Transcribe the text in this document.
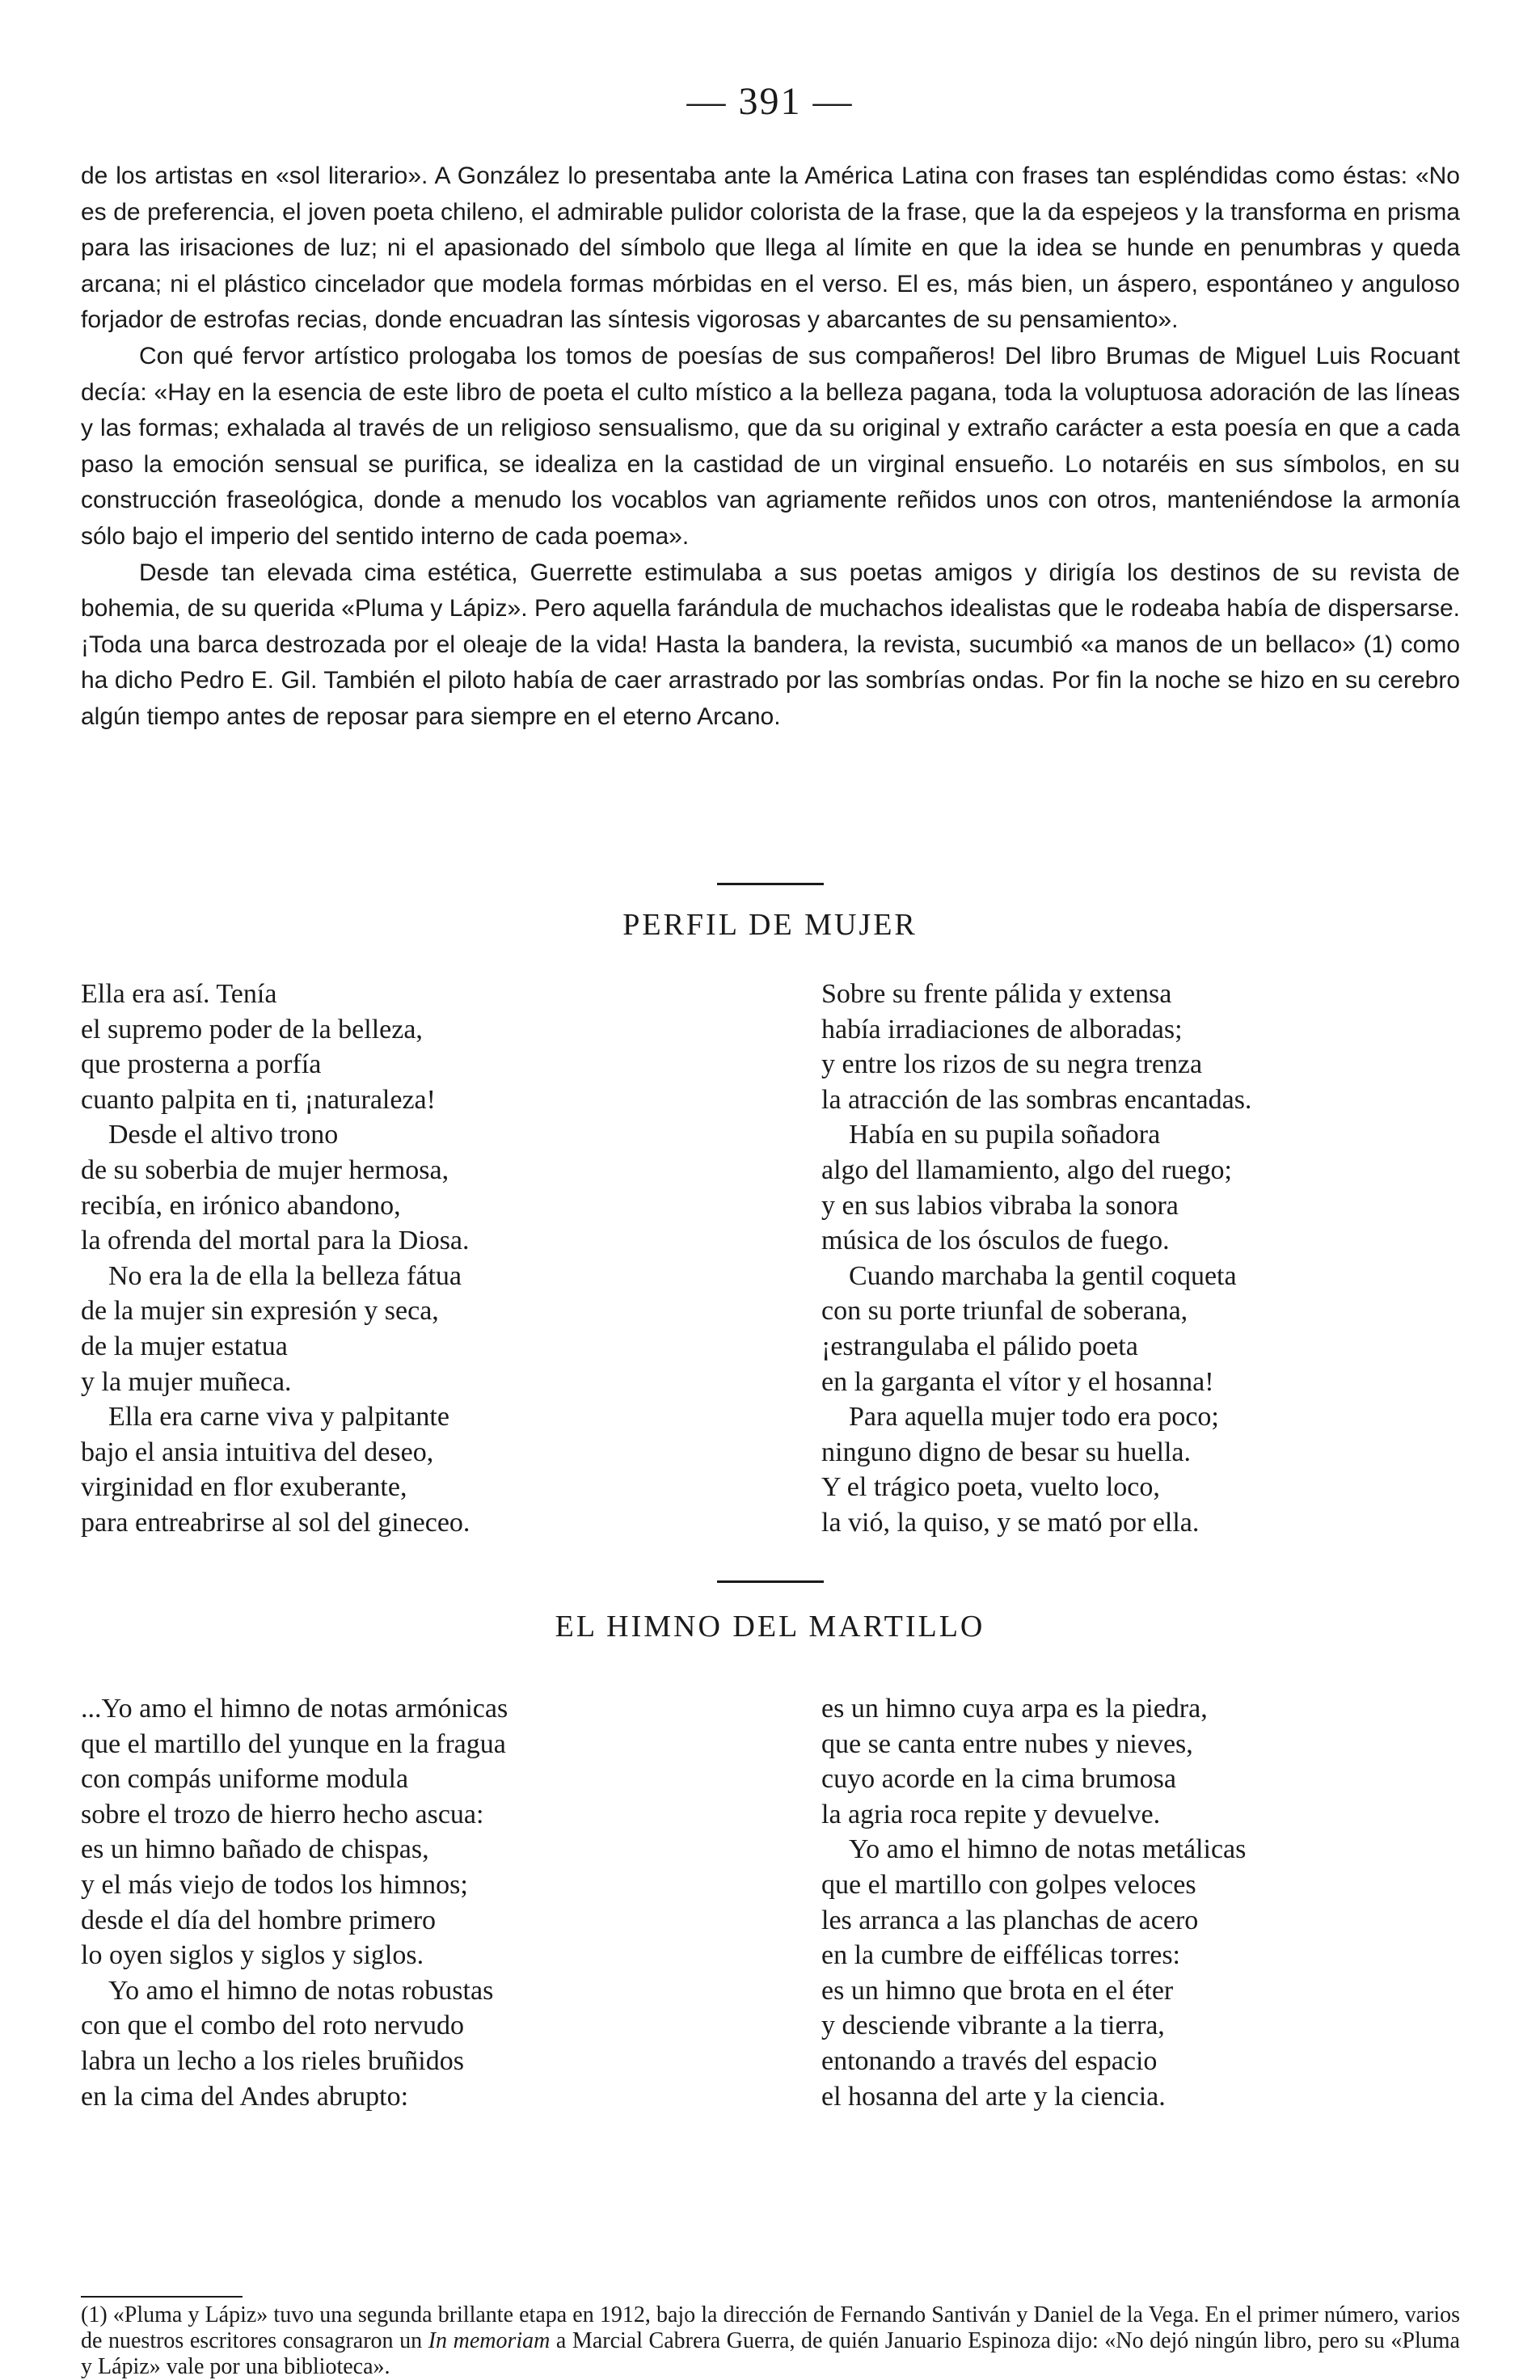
— 391 —

de los artistas en «sol literario». A González lo presentaba ante la América Latina con frases tan espléndidas como éstas: «No es de preferencia, el joven poeta chileno, el admirable pulidor colorista de la frase, que la da espejeos y la transforma en prisma para las irisaciones de luz; ni el apasionado del símbolo que llega al límite en que la idea se hunde en penumbras y queda arcana; ni el plástico cincelador que modela formas mórbidas en el verso. El es, más bien, un áspero, espontáneo y anguloso forjador de estrofas recias, donde encuadran las síntesis vigorosas y abarcantes de su pensamiento».

Con qué fervor artístico prologaba los tomos de poesías de sus compañeros! Del libro Brumas de Miguel Luis Rocuant decía: «Hay en la esencia de este libro de poeta el culto místico a la belleza pagana, toda la voluptuosa adoración de las líneas y las formas; exhalada al través de un religioso sensualismo, que da su original y extraño carácter a esta poesía en que a cada paso la emoción sensual se purifica, se idealiza en la castidad de un virginal ensueño. Lo notaréis en sus símbolos, en su construcción fraseológica, donde a menudo los vocablos van agriamente reñidos unos con otros, manteniéndose la armonía sólo bajo el imperio del sentido interno de cada poema».

Desde tan elevada cima estética, Guerrette estimulaba a sus poetas amigos y dirigía los destinos de su revista de bohemia, de su querida «Pluma y Lápiz». Pero aquella farándula de muchachos idealistas que le rodeaba había de dispersarse. ¡Toda una barca destrozada por el oleaje de la vida! Hasta la bandera, la revista, sucumbió «a manos de un bellaco» (1) como ha dicho Pedro E. Gil. También el piloto había de caer arrastrado por las sombrías ondas. Por fin la noche se hizo en su cerebro algún tiempo antes de reposar para siempre en el eterno Arcano.

PERFIL DE MUJER
Ella era así. Tenía
el supremo poder de la belleza,
que prosterna a porfía
cuanto palpita en ti, ¡naturaleza!
Desde el altivo trono
de su soberbia de mujer hermosa,
recibía, en irónico abandono,
la ofrenda del mortal para la Diosa.
No era la de ella la belleza fátua
de la mujer sin expresión y seca,
de la mujer estatua
y la mujer muñeca.
Ella era carne viva y palpitante
bajo el ansia intuitiva del deseo,
virginidad en flor exuberante,
para entreabrirse al sol del gineceo.
Sobre su frente pálida y extensa
había irradiaciones de alboradas;
y entre los rizos de su negra trenza
la atracción de las sombras encantadas.
Había en su pupila soñadora
algo del llamamiento, algo del ruego;
y en sus labios vibraba la sonora
música de los ósculos de fuego.
Cuando marchaba la gentil coqueta
con su porte triunfal de soberana,
¡estrangulaba el pálido poeta
en la garganta el vítor y el hosanna!
Para aquella mujer todo era poco;
ninguno digno de besar su huella.
Y el trágico poeta, vuelto loco,
la vió, la quiso, y se mató por ella.
EL HIMNO DEL MARTILLO
...Yo amo el himno de notas armónicas
que el martillo del yunque en la fragua
con compás uniforme modula
sobre el trozo de hierro hecho ascua:
es un himno bañado de chispas,
y el más viejo de todos los himnos;
desde el día del hombre primero
lo oyen siglos y siglos y siglos.
Yo amo el himno de notas robustas
con que el combo del roto nervudo
labra un lecho a los rieles bruñidos
en la cima del Andes abrupto:
es un himno cuya arpa es la piedra,
que se canta entre nubes y nieves,
cuyo acorde en la cima brumosa
la agria roca repite y devuelve.
Yo amo el himno de notas metálicas
que el martillo con golpes veloces
les arranca a las planchas de acero
en la cumbre de eiffélicas torres:
es un himno que brota en el éter
y desciende vibrante a la tierra,
entonando a través del espacio
el hosanna del arte y la ciencia.
(1) «Pluma y Lápiz» tuvo una segunda brillante etapa en 1912, bajo la dirección de Fernando Santiván y Daniel de la Vega. En el primer número, varios de nuestros escritores consagraron un In memoriam a Marcial Cabrera Guerra, de quién Januario Espinoza dijo: «No dejó ningún libro, pero su «Pluma y Lápiz» vale por una biblioteca».
